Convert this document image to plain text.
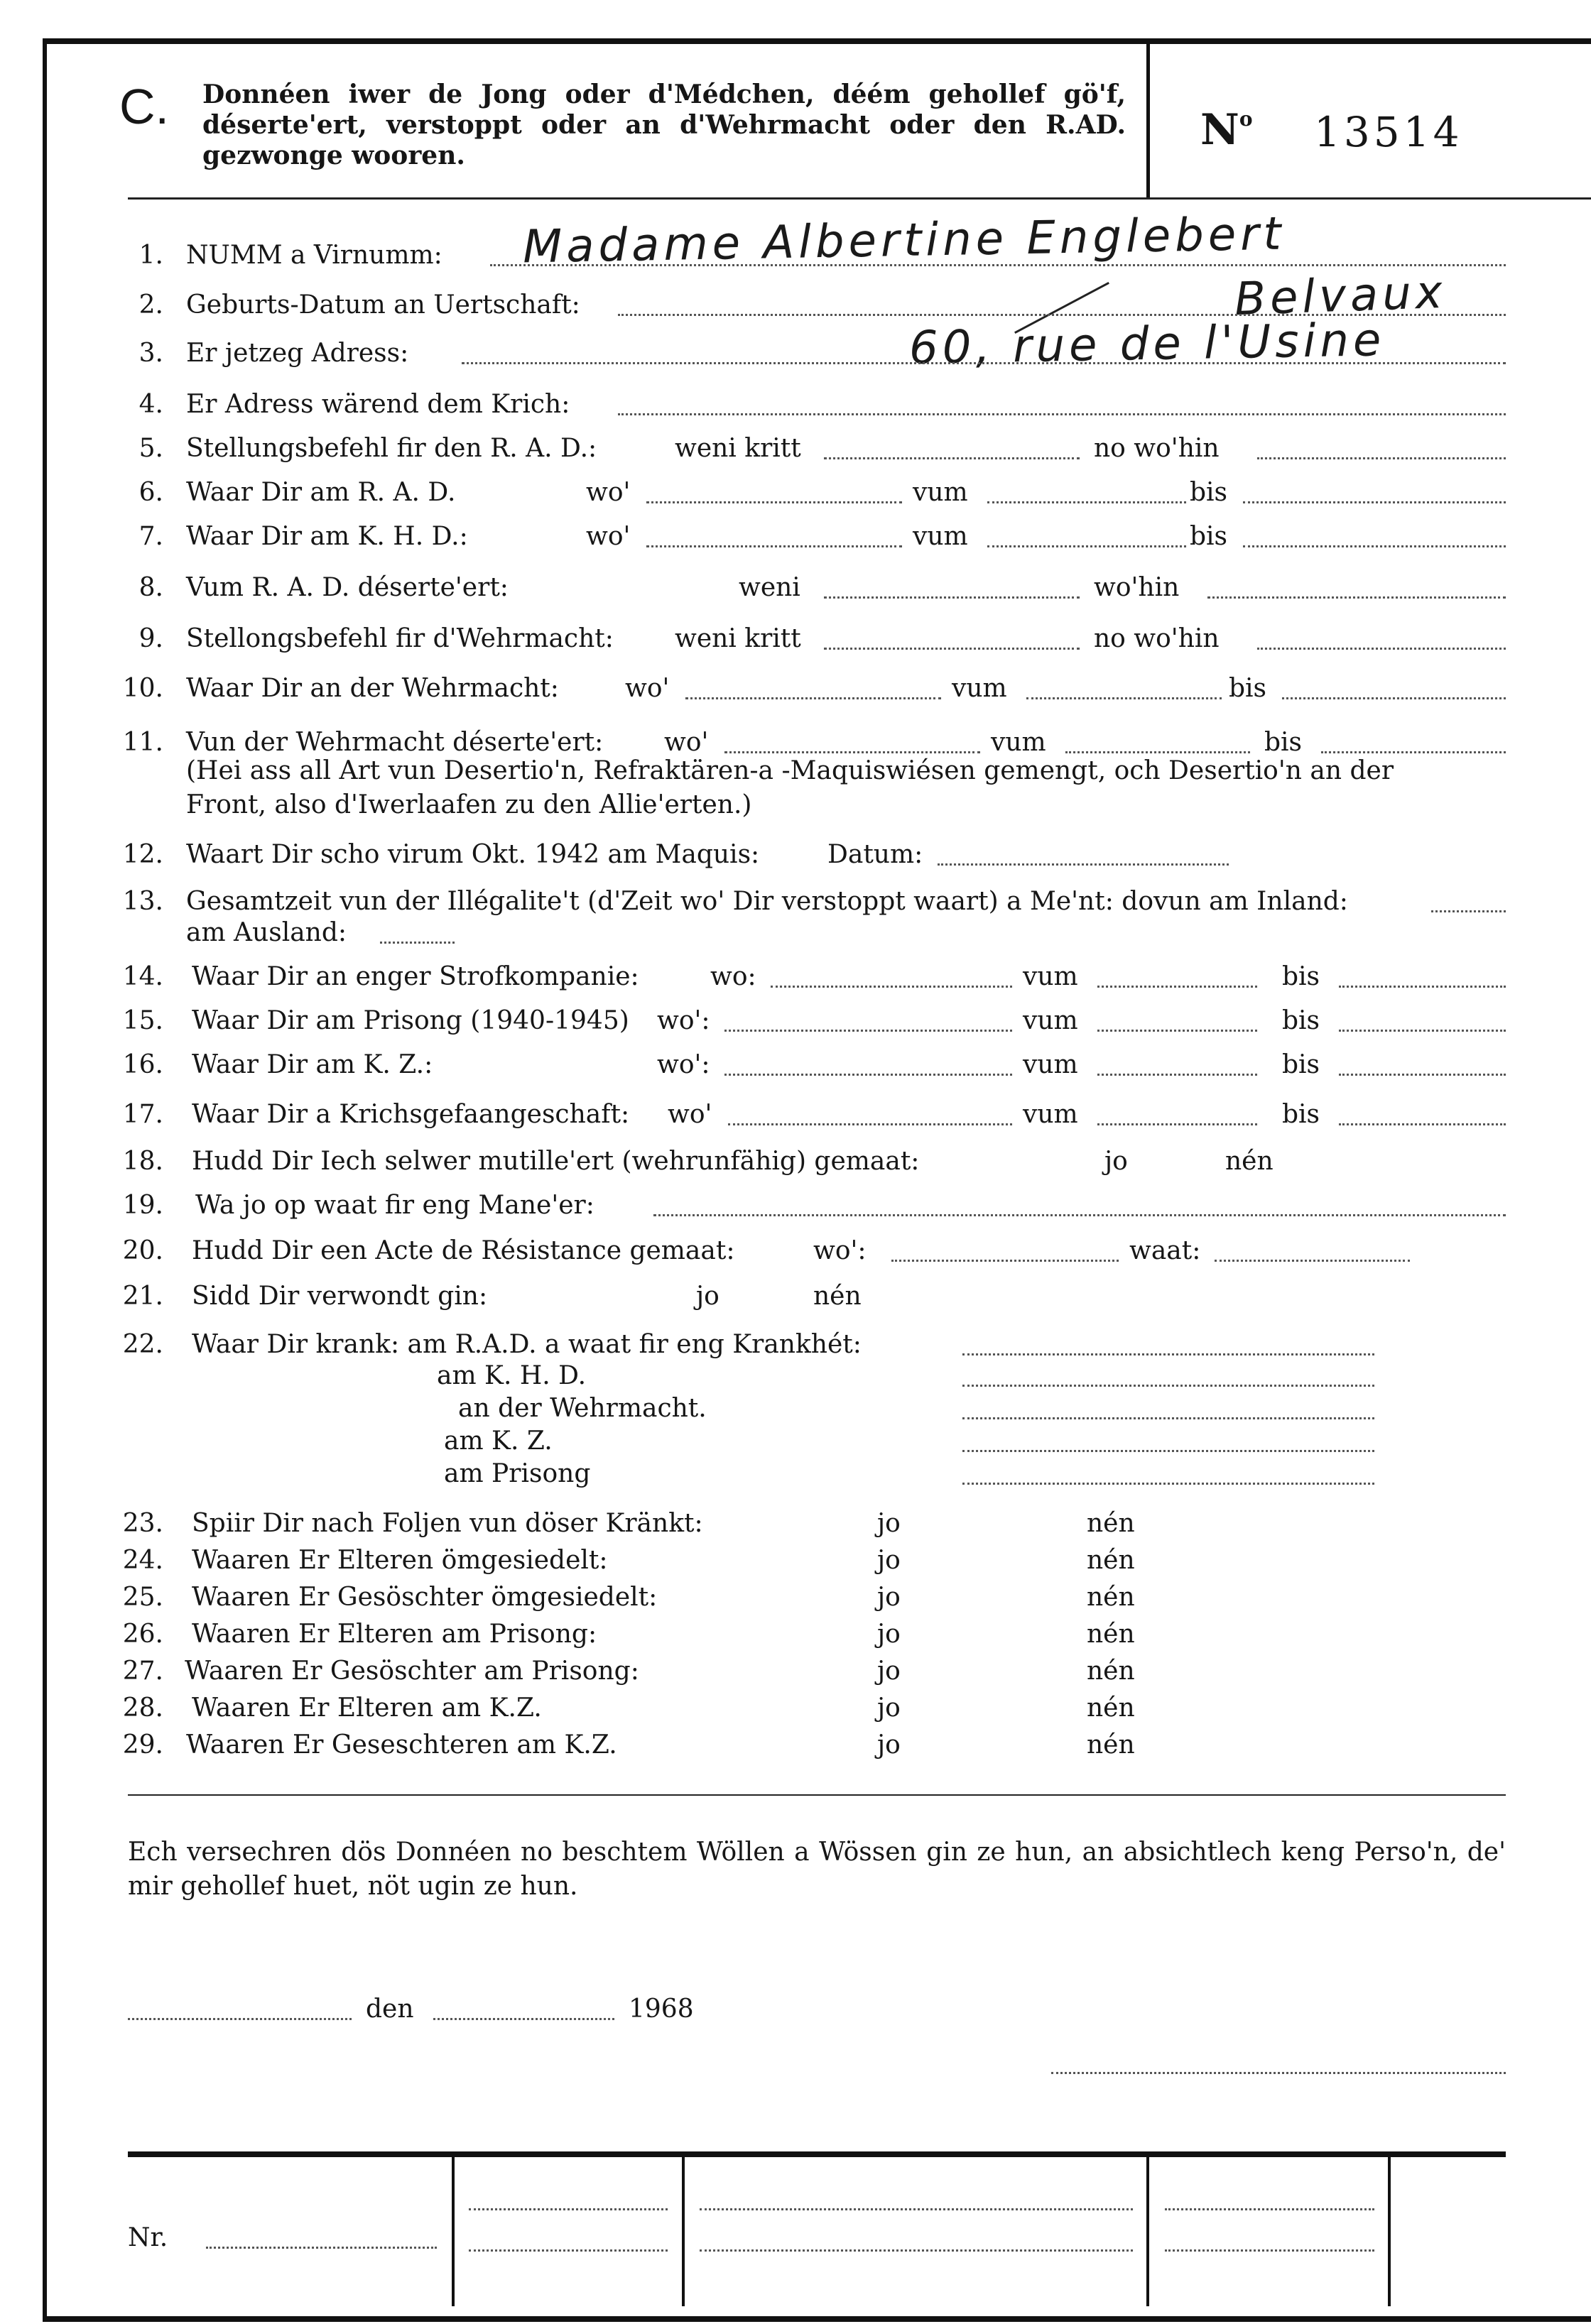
C. Donnéen iwer de Jong oder d'Médchen, déém gehollef gö'f, déserte'ert, verstoppt oder an d'Wehrmacht oder den R.AD. gezwonge wooren.
$N^o$ 13514
Madame Albertine Englebert
Belvaux
60, rue de l'Usine
1. NUMM a Virnumm:
2. Geburts-Datum an Uertschaft:
3. Er jetzeg Adress:
4. Er Adress wärend dem Krich:
5. Stellungsbefehl fir den R. A. D.:	weni kritt	no wo'hin
6. Waar Dir am R. A. D.	wo'	vum	bis
7. Waar Dir am K. H. D.:	wo'	vum	bis
8. Vum R. A. D. déserte'ert:	weni	wo'hin
9. Stellongsbefehl fir d'Wehrmacht: weni kritt	no wo'hin
10. Waar Dir an der Wehrmacht:	wo'	vum	bis
11. Vun der Wehrmacht déserte'ert: wo'	vum	bis
(Hei ass all Art vun Desertio'n, Refraktären-a -Maquiswiésen gemengt, och Desertio'n an der
Front, also d'Iwerlaafen zu den Allie'erten.)
12. Waart Dir scho virum Okt. 1942 am Maquis:	Datum:
13. Gesamtzeit vun der Illégalite't (d'Zeit wo' Dir verstoppt waart) a Me'nt: dovun am Inland:
am Ausland:
14. Waar Dir an enger Strofkompanie:	wo:	vum	bis
15. Waar Dir am Prisong (1940-1945) wo':	vum	bis
16. Waar Dir am K. Z.:	wo':	vum	bis
17. Waar Dir a Krichsgefaangeschaft: wo'	vum	bis
18. Hudd Dir Iech selwer mutille'ert (wehrunfähig) gemaat:	jo	nén
19. Wa jo op waat fir eng Mane'er:
20. Hudd Dir een Acte de Résistance gemaat:	wo':	waat:
21. Sidd Dir verwondt gin:	jo	nén
22. Waar Dir krank: am R.A.D. a waat fir eng Krankhét:
am K. H. D.
an der Wehrmacht.
am K. Z.
am Prisong
23. Spiir Dir nach Foljen vun döser Kränkt:	jo	nén
24. Waaren Er Elteren ömgesiedelt:	jo	nén
25. Waaren Er Gesöschter ömgesiedelt:	jo	nén
26. Waaren Er Elteren am Prisong:	jo	nén
27. Waaren Er Gesöschter am Prisong:	jo	nén
28. Waaren Er Elteren am K.Z.	jo	nén
29. Waaren Er Geseschteren am K.Z.	jo	nén
Ech versechren dös Donnéen no beschtem Wöllen a Wössen gin ze hun, an absichtlech keng Perso'n, de' mir gehollef huet, nöt ugin ze hun.
den	1968
Nr.
